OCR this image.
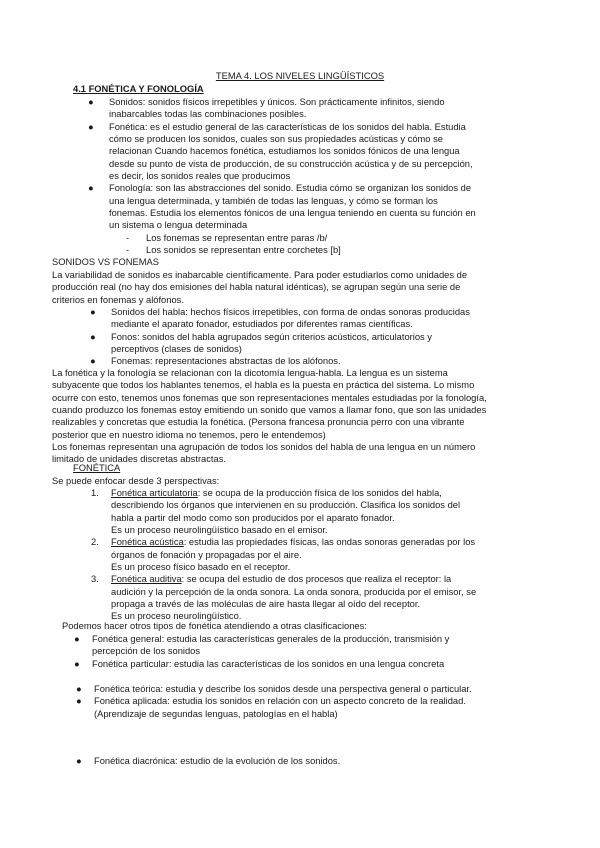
TEMA 4. LOS NIVELES LINGÜÍSTICOS
4.1 FONÉTICA Y FONOLOGÍA
● Sonidos: sonidos físicos irrepetibles y únicos. Son prácticamente infinitos, siendo
inabarcables todas las combinaciones posibles.
● Fonética: es el estudio general de las características de los sonidos del habla. Estudia
cómo se producen los sonidos, cuales son sus propiedades acústicas y cómo se
relacionan Cuando hacemos fonética, estudiamos los sonidos fónicos de una lengua
desde su punto de vista de producción, de su construcción acústica y de su percepción,
es decir, los sonidos reales que producimos
● Fonología: son las abstracciones del sonido. Estudia cómo se organizan los sonidos de
una lengua determinada, y también de todas las lenguas, y cómo se forman los
fonemas. Estudia los elementos fónicos de una lengua teniendo en cuenta su función en
un sistema o lengua determinada
- Los fonemas se representan entre paras /b/
- Los sonidos se representan entre corchetes [b]
SONIDOS VS FONEMAS
La variabilidad de sonidos es inabarcable científicamente. Para poder estudiarlos como unidades de
producción real (no hay dos emisiones del habla natural idénticas), se agrupan según una serie de
criterios en fonemas y alófonos.
● Sonidos del habla: hechos físicos irrepetibles, con forma de ondas sonoras producidas
mediante el aparato fonador, estudiados por diferentes ramas científicas.
● Fonos: sonidos del habla agrupados según criterios acústicos, articulatorios y
perceptivos (clases de sonidos)
● Fonemas: representaciones abstractas de los alófonos.
La fonética y la fonología se relacionan con la dicotomía lengua-habla. La lengua es un sistema
subyacente que todos los hablantes tenemos, el habla es la puesta en práctica del sistema. Lo mismo
ocurre con esto, tenemos unos fonemas que son representaciones mentales estudiadas por la fonología,
cuando produzco los fonemas estoy emitiendo un sonido que vamos a llamar fono, que son las unidades
realizables y concretas que estudia la fonética. (Persona francesa pronuncia perro con una vibrante
posterior que en nuestro idioma no tenemos, pero le entendemos)
Los fonemas representan una agrupación de todos los sonidos del habla de una lengua en un número
limitado de unidades discretas abstractas.
FONÉTICA
Se puede enfocar desde 3 perspectivas:
1. Fonética articulatoria: se ocupa de la producción física de los sonidos del habla,
describiendo los órganos que intervienen en su producción. Clasifica los sonidos del
habla a partir del modo como son producidos por el aparato fonador.
Es un proceso neurolingüístico basado en el emisor.
2. Fonética acústica: estudia las propiedades físicas, las ondas sonoras generadas por los
órganos de fonación y propagadas por el aire.
Es un proceso físico basado en el receptor.
3. Fonética auditiva: se ocupa del estudio de dos procesos que realiza el receptor: la
audición y la percepción de la onda sonora. La onda sonora, producida por el emisor, se
propaga a través de las moléculas de aire hasta llegar al oído del receptor.
Es un proceso neurolingüístico.
Podemos hacer otros tipos de fonética atendiendo a otras clasificaciones:
● Fonética general: estudia las características generales de la producción, transmisión y
percepción de los sonidos
● Fonética particular: estudia las características de los sonidos en una lengua concreta
● Fonética teórica: estudia y describe los sonidos desde una perspectiva general o particular.
● Fonética aplicada: estudia los sonidos en relación con un aspecto concreto de la realidad.
(Aprendizaje de segundas lenguas, patologías en el habla)
● Fonética diacrónica: estudio de la evolución de los sonidos.
